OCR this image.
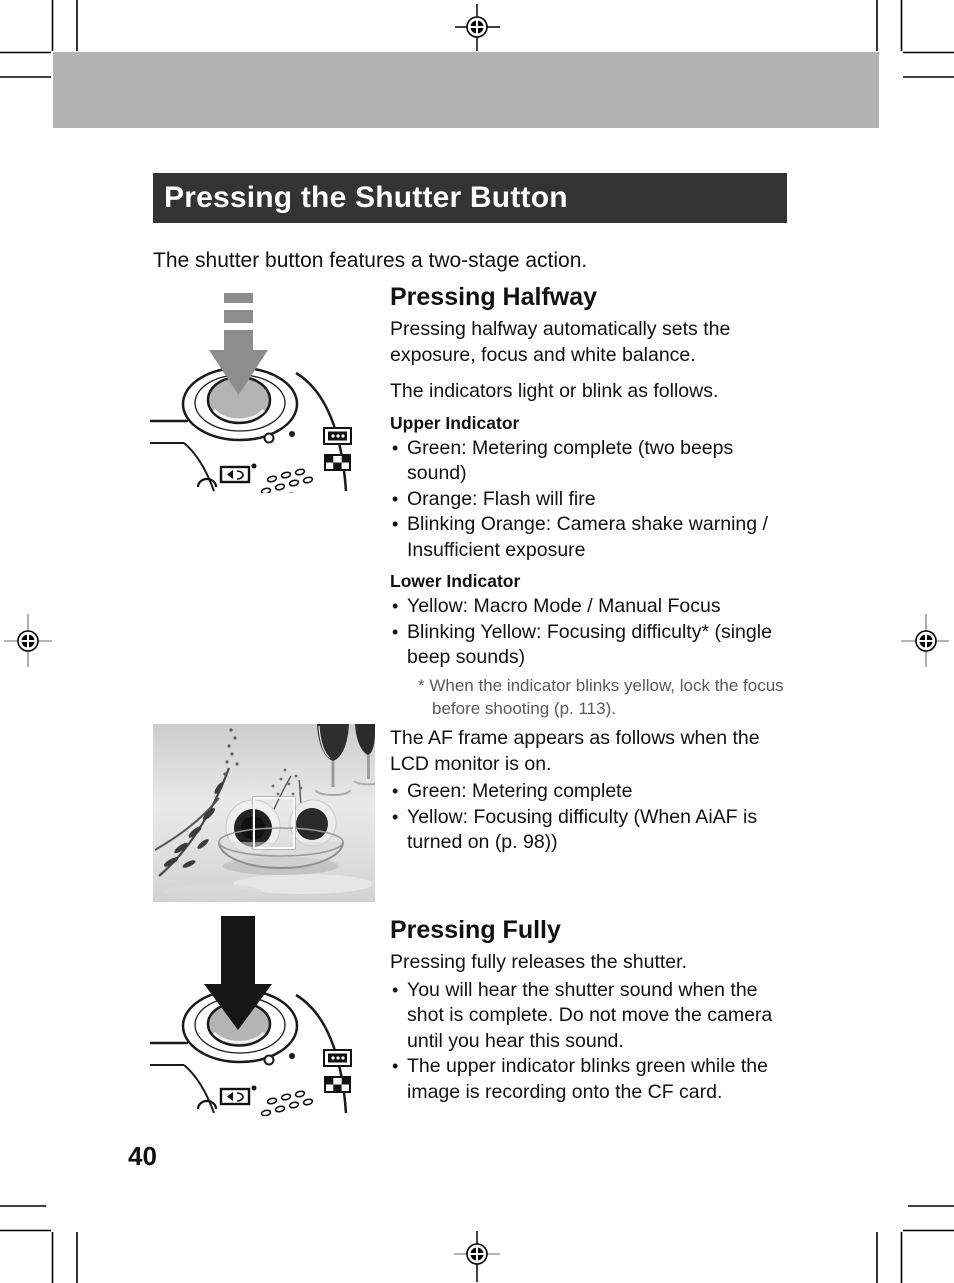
Pressing the Shutter Button

The shutter button features a two-stage action.

Pressing Halfway

Pressing halfway automatically sets the exposure, focus and white balance.

The indicators light or blink as follows.

Upper Indicator
• Green: Metering complete (two beeps sound)
• Orange: Flash will fire
• Blinking Orange: Camera shake warning / Insufficient exposure
Lower Indicator
• Yellow: Macro Mode / Manual Focus
• Blinking Yellow: Focusing difficulty* (single beep sounds)

* When the indicator blinks yellow, lock the focus before shooting (p. 113).

The AF frame appears as follows when the LCD monitor is on.

• Green: Metering complete
• Yellow: Focusing difficulty (When AiAF is turned on (p. 98))
Pressing Fully

Pressing fully releases the shutter.

• You will hear the shutter sound when the shot is complete. Do not move the camera until you hear this sound.
• The upper indicator blinks green while the image is recording onto the CF card.

40
